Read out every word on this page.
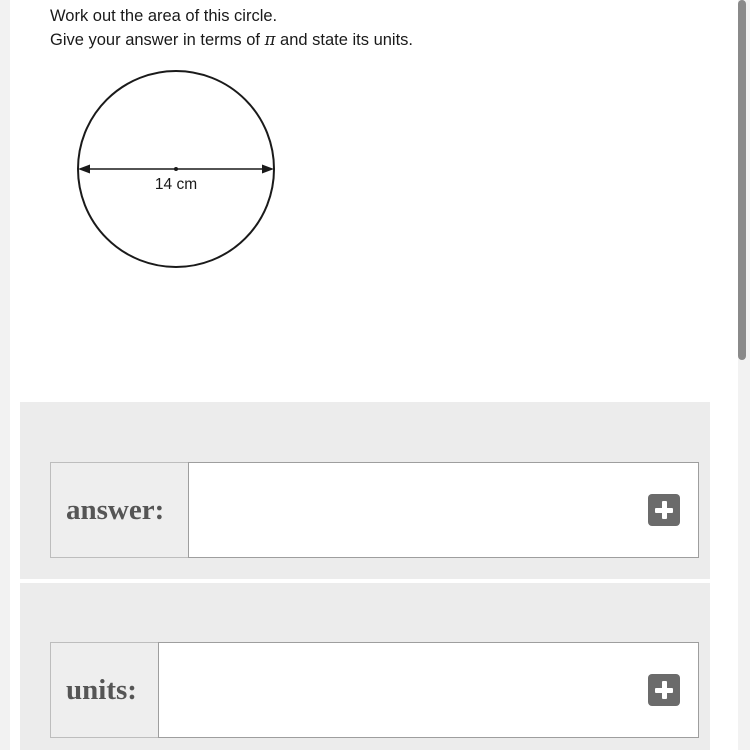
Work out the area of this circle.

Give your answer in terms of π and state its units.

14 cm
answer:
units:
